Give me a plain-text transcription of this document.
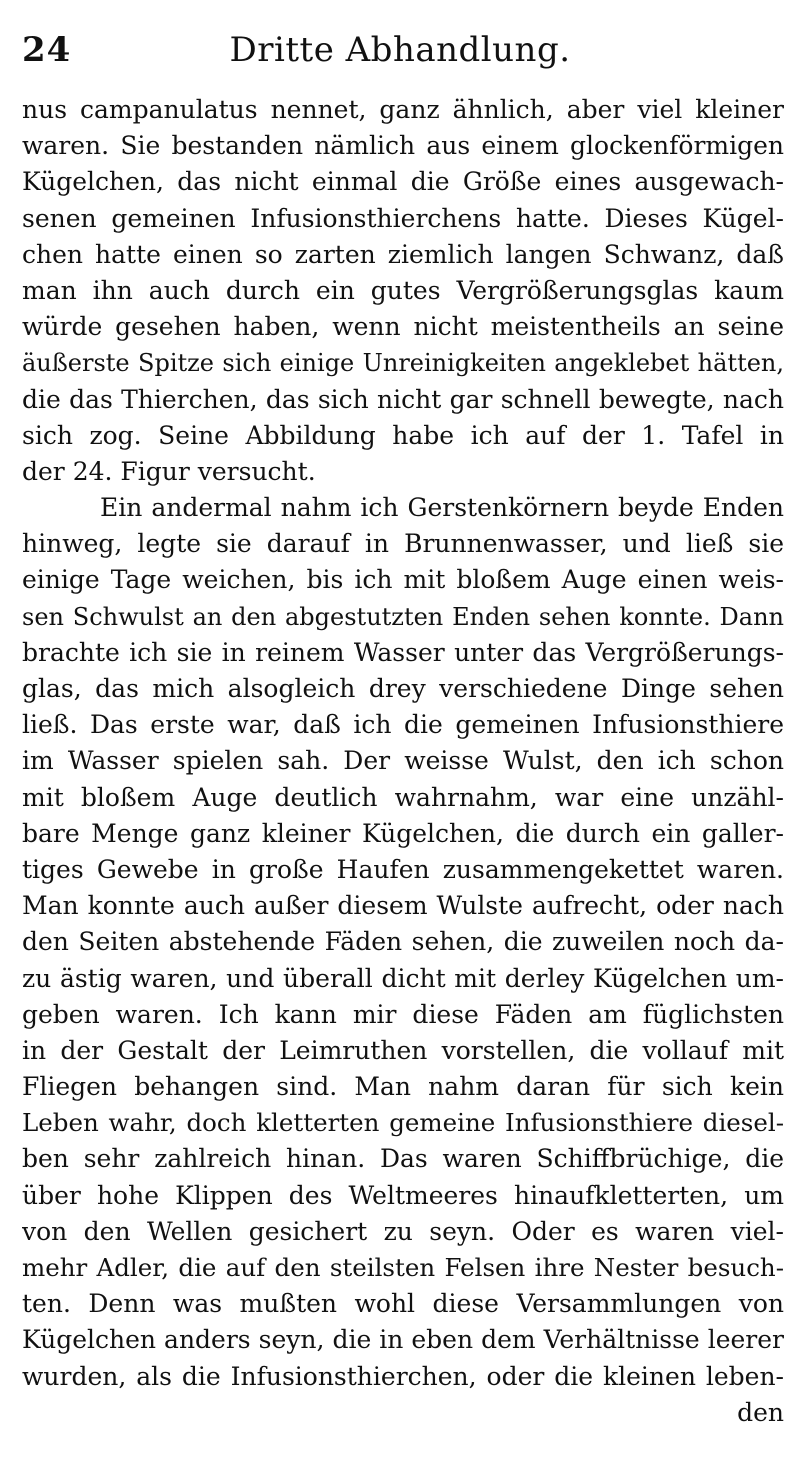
24	Dritte Abhandlung.
nus campanulatus nennet, ganz ähnlich, aber viel kleiner
waren. Sie bestanden nämlich aus einem glockenförmigen
Kügelchen, das nicht einmal die Größe eines ausgewach-
senen gemeinen Infusionsthierchens hatte. Dieses Kügel-
chen hatte einen so zarten ziemlich langen Schwanz, daß
man ihn auch durch ein gutes Vergrößerungsglas kaum
würde gesehen haben, wenn nicht meistentheils an seine
äußerste Spitze sich einige Unreinigkeiten angeklebet hätten,
die das Thierchen, das sich nicht gar schnell bewegte, nach
sich zog. Seine Abbildung habe ich auf der 1. Tafel in
der 24. Figur versucht.
Ein andermal nahm ich Gerstenkörnern beyde Enden
hinweg, legte sie darauf in Brunnenwasser, und ließ sie
einige Tage weichen, bis ich mit bloßem Auge einen weis-
sen Schwulst an den abgestutzten Enden sehen konnte. Dann
brachte ich sie in reinem Wasser unter das Vergrößerungs-
glas, das mich alsogleich drey verschiedene Dinge sehen
ließ. Das erste war, daß ich die gemeinen Infusionsthiere
im Wasser spielen sah. Der weisse Wulst, den ich schon
mit bloßem Auge deutlich wahrnahm, war eine unzähl-
bare Menge ganz kleiner Kügelchen, die durch ein galler-
tiges Gewebe in große Haufen zusammengekettet waren.
Man konnte auch außer diesem Wulste aufrecht, oder nach
den Seiten abstehende Fäden sehen, die zuweilen noch da-
zu ästig waren, und überall dicht mit derley Kügelchen um-
geben waren. Ich kann mir diese Fäden am füglichsten
in der Gestalt der Leimruthen vorstellen, die vollauf mit
Fliegen behangen sind. Man nahm daran für sich kein
Leben wahr, doch kletterten gemeine Infusionsthiere diesel-
ben sehr zahlreich hinan. Das waren Schiffbrüchige, die
über hohe Klippen des Weltmeeres hinaufkletterten, um
von den Wellen gesichert zu seyn. Oder es waren viel-
mehr Adler, die auf den steilsten Felsen ihre Nester besuch-
ten. Denn was mußten wohl diese Versammlungen von
Kügelchen anders seyn, die in eben dem Verhältnisse leerer
wurden, als die Infusionsthierchen, oder die kleinen leben-
den
